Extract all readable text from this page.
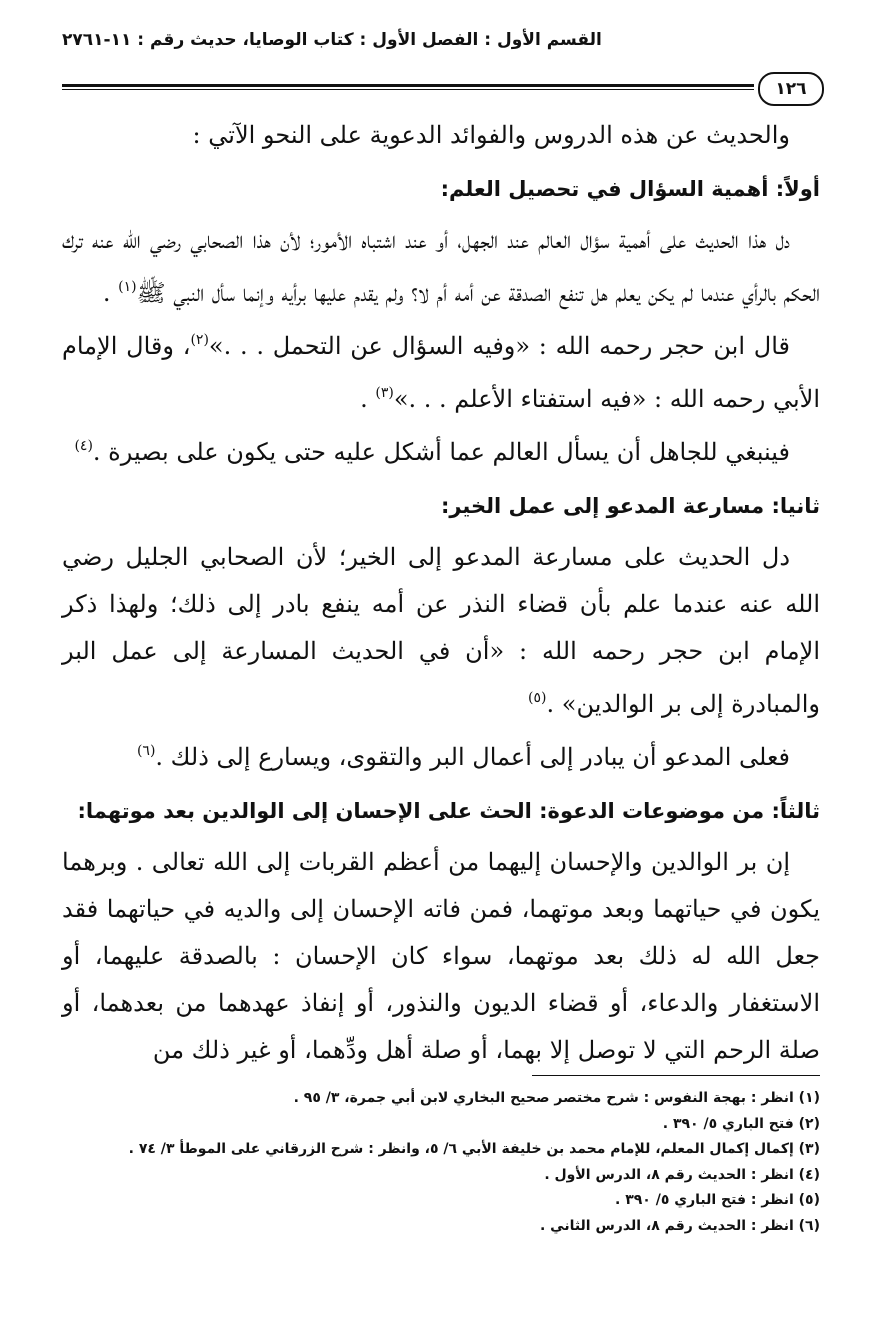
القسم الأول : الفصل الأول : كتاب الوصايا، حديث رقم : ١١-٢٧٦١
١٢٦

والحديث عن هذه الدروس والفوائد الدعوية على النحو الآتي :

أولاً: أهمية السؤال في تحصيل العلم:

دل هذا الحديث على أهمية سؤال العالم عند الجهل، أو عند اشتباه الأمور؛ لأن هذا الصحابي رضي الله عنه ترك الحكم بالرأي عندما لم يكن يعلم هل تنفع الصدقة عن أمه أم لا؟ ولم يقدم عليها برأيه وإنما سأل النبي ﷺ$^{(١)}$ .

قال ابن حجر رحمه الله : «وفيه السؤال عن التحمل . . .»$^{(٢)}$، وقال الإمام الأبي رحمه الله : «فيه استفتاء الأعلم . . .»$^{(٣)}$ .

فينبغي للجاهل أن يسأل العالم عما أشكل عليه حتى يكون على بصيرة .$^{(٤)}$

ثانيا: مسارعة المدعو إلى عمل الخير:

دل الحديث على مسارعة المدعو إلى الخير؛ لأن الصحابي الجليل رضي الله عنه عندما علم بأن قضاء النذر عن أمه ينفع بادر إلى ذلك؛ ولهذا ذكر الإمام ابن حجر رحمه الله : «أن في الحديث المسارعة إلى عمل البر والمبادرة إلى بر الوالدين» .$^{(٥)}$

فعلى المدعو أن يبادر إلى أعمال البر والتقوى، ويسارع إلى ذلك .$^{(٦)}$

ثالثاً: من موضوعات الدعوة: الحث على الإحسان إلى الوالدين بعد موتهما:

إن بر الوالدين والإحسان إليهما من أعظم القربات إلى الله تعالى . وبرهما يكون في حياتهما وبعد موتهما، فمن فاته الإحسان إلى والديه في حياتهما فقد جعل الله له ذلك بعد موتهما، سواء كان الإحسان : بالصدقة عليهما، أو الاستغفار والدعاء، أو قضاء الديون والنذور، أو إنفاذ عهدهما من بعدهما، أو صلة الرحم التي لا توصل إلا بهما، أو صلة أهل ودِّهما، أو غير ذلك من

(١) انظر : بهجة النفوس : شرح مختصر صحيح البخاري لابن أبي جمرة، ٣/ ٩٥ .
(٢) فتح الباري ٥/ ٣٩٠ .
(٣) إكمال إكمال المعلم، للإمام محمد بن خليفة الأبي ٦/ ٥، وانظر : شرح الزرقاني على الموطأ ٣/ ٧٤ .
(٤) انظر : الحديث رقم ٨، الدرس الأول .
(٥) انظر : فتح الباري ٥/ ٣٩٠ .
(٦) انظر : الحديث رقم ٨، الدرس الثاني .
